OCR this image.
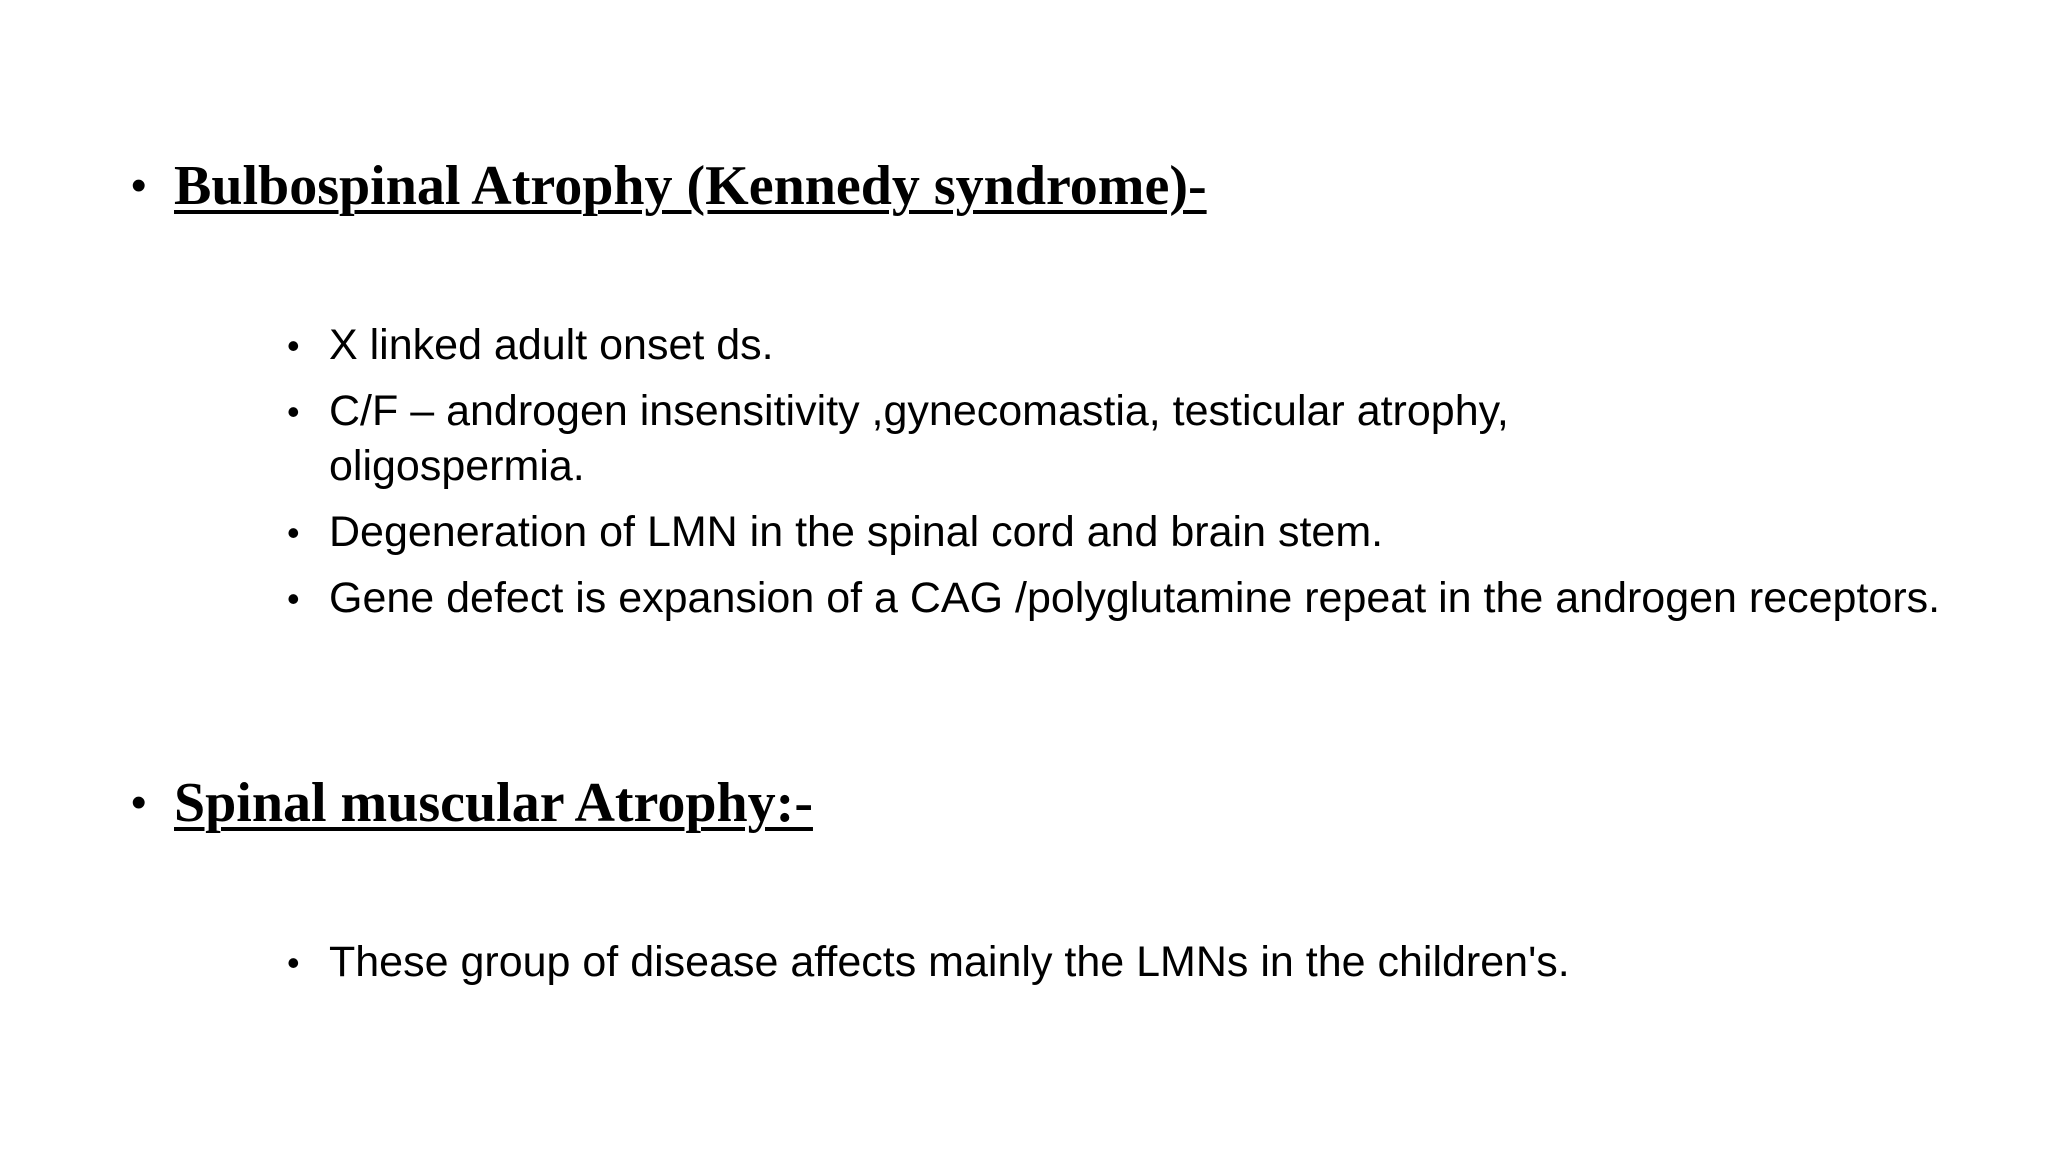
• Bulbospinal Atrophy (Kennedy syndrome)-
• X linked adult onset ds.
• C/F – androgen insensitivity ,gynecomastia, testicular atrophy, oligospermia.
• Degeneration of LMN in the spinal cord and brain stem.
• Gene defect is expansion of a CAG /polyglutamine repeat in the androgen receptors.
• Spinal muscular Atrophy:-
• These group of disease affects mainly the LMNs in the children's.
